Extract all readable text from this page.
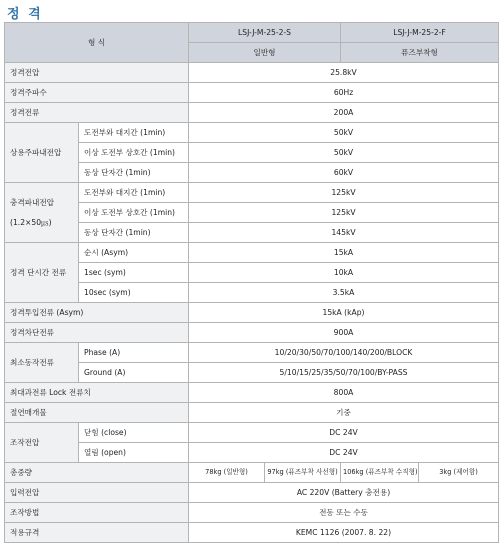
정 격
형 식		LSJ-J-M-25-2-S		LSJ-J-M-25-2-F	
		일반형		퓨즈부착형	
정격전압		25.8kV			
정격주파수		60Hz			
정격전류		200A			
상용주파내전압	도전부와 대지간 (1min)	50kV			
	이상 도전부 상호간 (1min)	50kV			
	동상 단자간 (1min)	60kV			

충격파내전압
(1.2×50㎲)	도전부와 대지간 (1min)	125kV			
	이상 도전부 상호간 (1min)	125kV			
	동상 단자간 (1min)	145kV			
정격 단시간 전류	순시 (Asym)	15kA			
	1sec (sym)	10kA			
	10sec (sym)	3.5kA			
정격투입전류 (Asym)		15kA (kAp)			
정격차단전류		900A			
최소동작전류	Phase (A)	10/20/30/50/70/100/140/200/BLOCK			
	Ground (A)	5/10/15/25/35/50/70/100/BY-PASS			
최대과전류 Lock 전류치		800A			
절연매개물		기중			
조작전압	닫힘 (close)	DC 24V			
	열림 (open)	DC 24V			
총중량		78kg (일반형)	97kg (퓨즈부착 사선형)	106kg (퓨즈부착 수직형)	3kg (제어함)
입력전압		AC 220V (Battery 충전용)			
조작방법		전동 또는 수동			
적용규격		KEMC 1126 (2007. 8. 22)			
